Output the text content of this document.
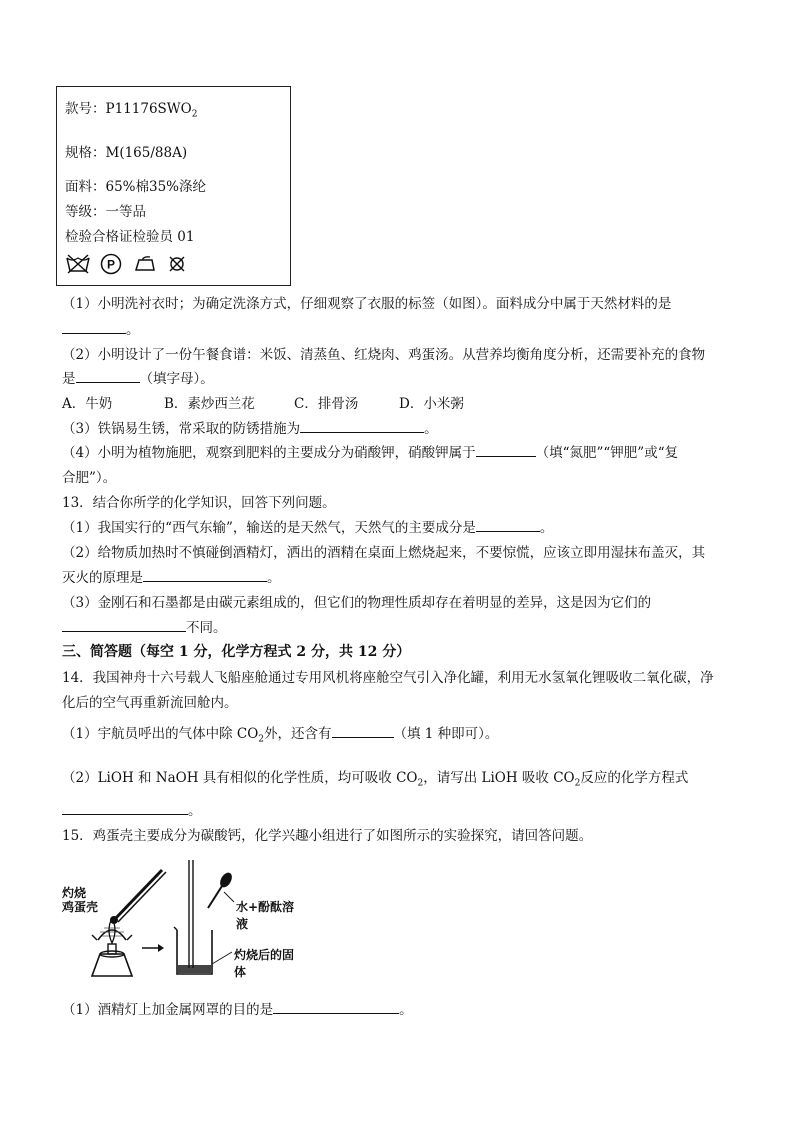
款号：$P11176SWO_2$
规格：M(165/88A)
面料：65%棉35%涤纶
等级：一等品
检验合格证检验员 01

P

（1）小明洗衬衣时；为确定洗涤方式，仔细观察了衣服的标签（如图）。面料成分中属于天然材料的是
。
（2）小明设计了一份午餐食谱：米饭、清蒸鱼、红烧肉、鸡蛋汤。从营养均衡角度分析，还需要补充的食物
是	（填字母）。
A．牛奶	B．素炒西兰花	C．排骨汤	D．小米粥
（3）铁锅易生锈，常采取的防锈措施为	。
（4）小明为植物施肥，观察到肥料的主要成分为硝酸钾，硝酸钾属于	（填“氮肥”“钾肥”或“复
合肥”）。
13．结合你所学的化学知识，回答下列问题。
（1）我国实行的“西气东输”，输送的是天然气，天然气的主要成分是	。
（2）给物质加热时不慎碰倒酒精灯，洒出的酒精在桌面上燃烧起来，不要惊慌，应该立即用湿抹布盖灭，其
灭火的原理是	。
（3）金刚石和石墨都是由碳元素组成的，但它们的物理性质却存在着明显的差异，这是因为它们的
不同。
三、简答题（每空 1 分，化学方程式 2 分，共 12 分）
14．我国神舟十六号载人飞船座舱通过专用风机将座舱空气引入净化罐，利用无水氢氧化锂吸收二氧化碳，净
化后的空气再重新流回舱内。
（1）宇航员呼出的气体中除 $CO_2$外，还含有	（填 1 种即可）。
（2）LiOH 和 NaOH 具有相似的化学性质，均可吸收 $CO_2$，请写出 LiOH 吸收 $CO_2$反应的化学方程式
。
15．鸡蛋壳主要成分为碳酸钙，化学兴趣小组进行了如图所示的实验探究，请回答问题。
灼烧
鸡蛋壳	水+酚酞溶液
灼烧后的固体
（1）酒精灯上加金属网罩的目的是	。
